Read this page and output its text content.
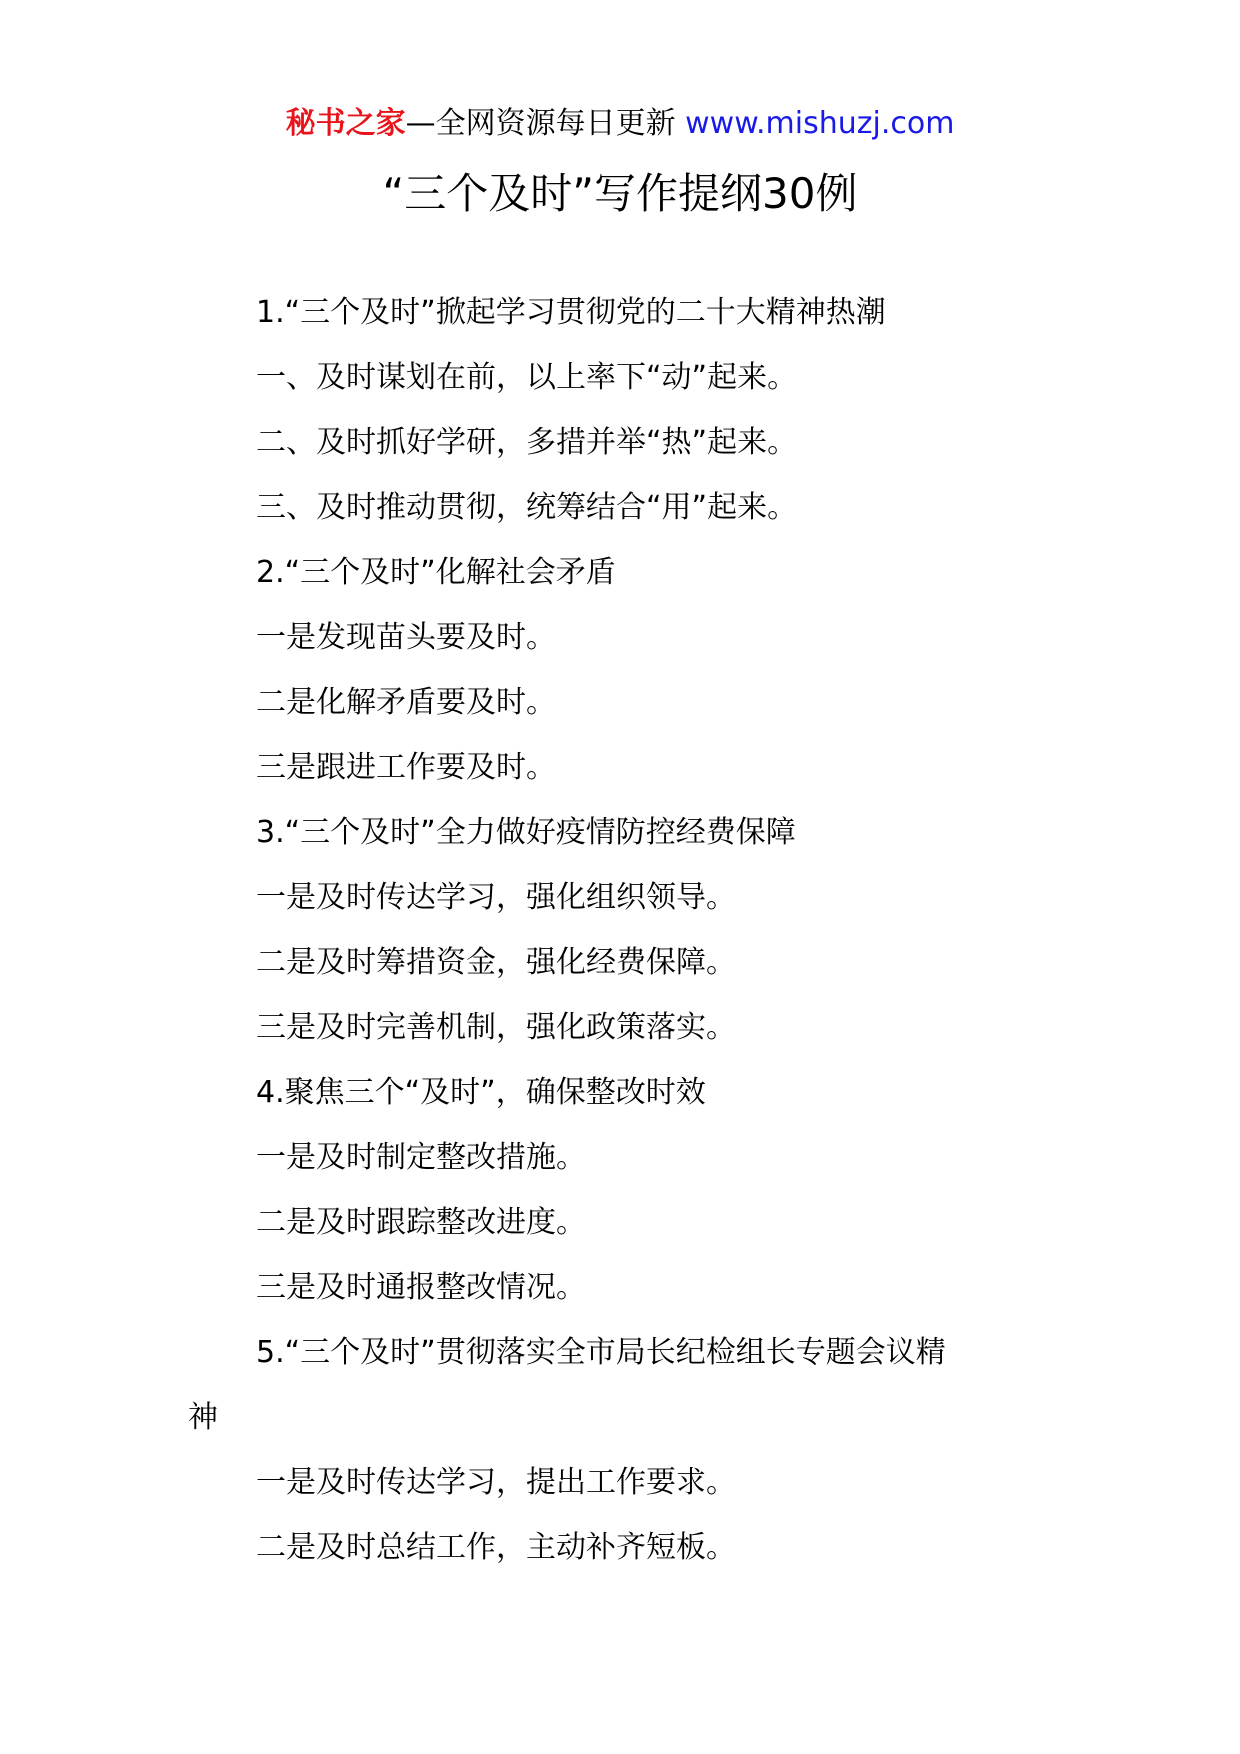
秘书之家—全网资源每日更新 www.mishuzj.com
“三个及时”写作提纲30例
1.“三个及时”掀起学习贯彻党的二十大精神热潮
一、及时谋划在前，以上率下“动”起来。
二、及时抓好学研，多措并举“热”起来。
三、及时推动贯彻，统筹结合“用”起来。
2.“三个及时”化解社会矛盾
一是发现苗头要及时。
二是化解矛盾要及时。
三是跟进工作要及时。
3.“三个及时”全力做好疫情防控经费保障
一是及时传达学习，强化组织领导。
二是及时筹措资金，强化经费保障。
三是及时完善机制，强化政策落实。
4.聚焦三个“及时”，确保整改时效
一是及时制定整改措施。
二是及时跟踪整改进度。
三是及时通报整改情况。
5.“三个及时”贯彻落实全市局长纪检组长专题会议精
神
一是及时传达学习，提出工作要求。
二是及时总结工作，主动补齐短板。
